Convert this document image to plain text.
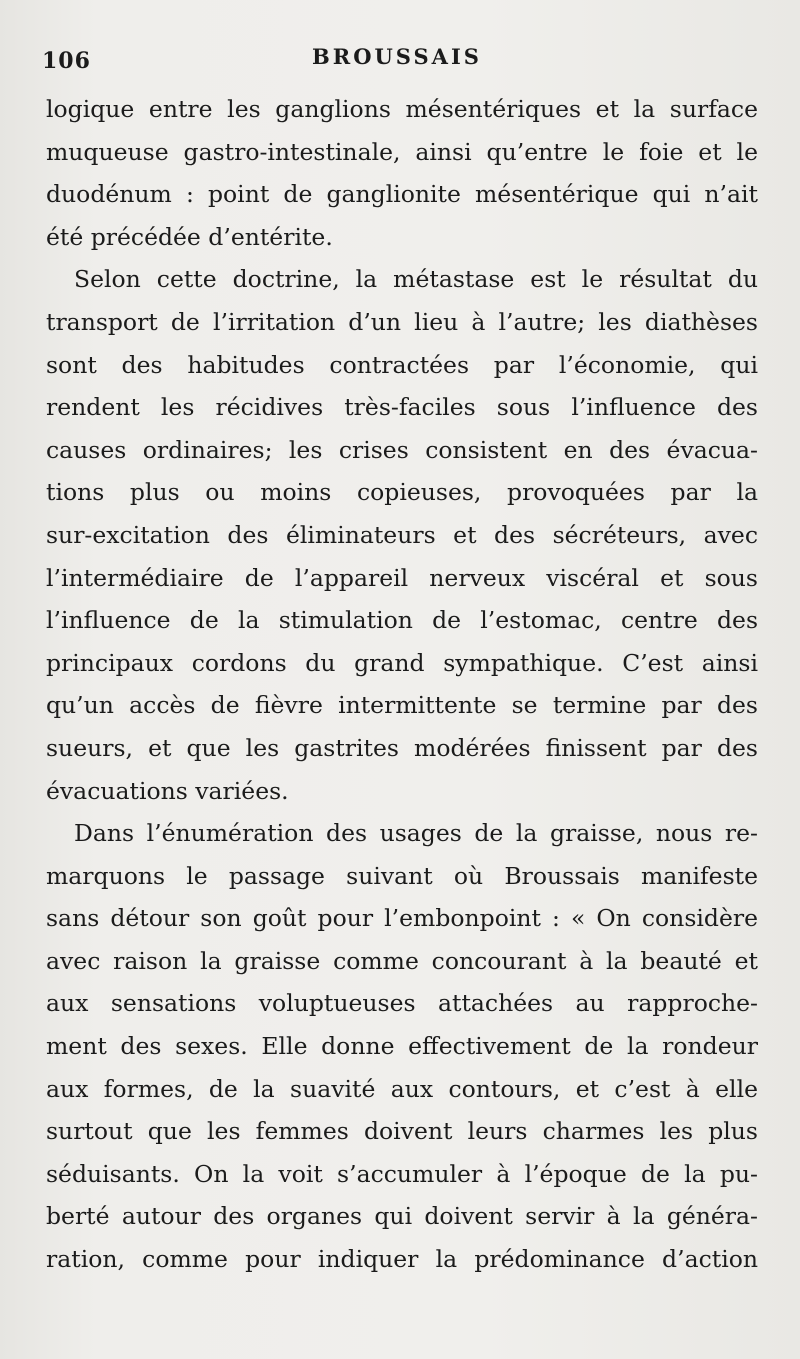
106	BROUSSAIS
logique entre les ganglions mésentériques et la surface
muqueuse gastro-intestinale, ainsi qu’entre le foie et le
duodénum : point de ganglionite mésentérique qui n’ait
été précédée d’entérite.
Selon cette doctrine, la métastase est le résultat du
transport de l’irritation d’un lieu à l’autre; les diathèses
sont des habitudes contractées par l’économie, qui
rendent les récidives très-faciles sous l’influence des
causes ordinaires; les crises consistent en des évacua-
tions plus ou moins copieuses, provoquées par la
sur-excitation des éliminateurs et des sécréteurs, avec
l’intermédiaire de l’appareil nerveux viscéral et sous
l’influence de la stimulation de l’estomac, centre des
principaux cordons du grand sympathique. C’est ainsi
qu’un accès de fièvre intermittente se termine par des
sueurs, et que les gastrites modérées finissent par des
évacuations variées.
Dans l’énumération des usages de la graisse, nous re-
marquons le passage suivant où Broussais manifeste
sans détour son goût pour l’embonpoint : « On considère
avec raison la graisse comme concourant à la beauté et
aux sensations voluptueuses attachées au rapproche-
ment des sexes. Elle donne effectivement de la rondeur
aux formes, de la suavité aux contours, et c’est à elle
surtout que les femmes doivent leurs charmes les plus
séduisants. On la voit s’accumuler à l’époque de la pu-
berté autour des organes qui doivent servir à la généra-
ration, comme pour indiquer la prédominance d’action
